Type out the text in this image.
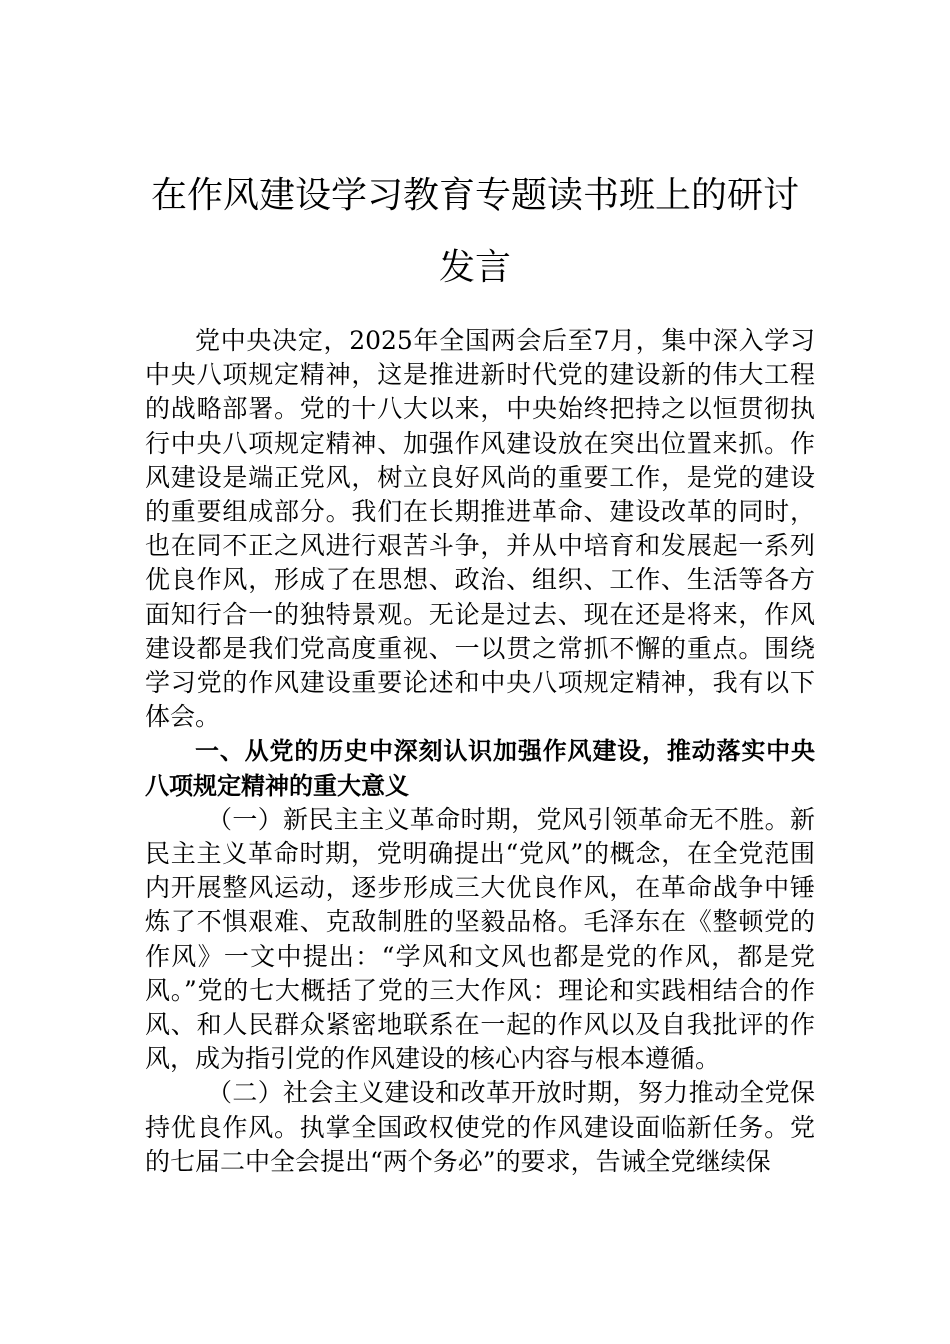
在作风建设学习教育专题读书班上的研讨
发言

党中央决定，2025年全国两会后至7月，集中深入学习中央八项规定精神，这是推进新时代党的建设新的伟大工程的战略部署。党的十八大以来，中央始终把持之以恒贯彻执行中央八项规定精神、加强作风建设放在突出位置来抓。作风建设是端正党风，树立良好风尚的重要工作，是党的建设的重要组成部分。我们在长期推进革命、建设改革的同时，也在同不正之风进行艰苦斗争，并从中培育和发展起一系列优良作风，形成了在思想、政治、组织、工作、生活等各方面知行合一的独特景观。无论是过去、现在还是将来，作风建设都是我们党高度重视、一以贯之常抓不懈的重点。围绕学习党的作风建设重要论述和中央八项规定精神，我有以下体会。

一、从党的历史中深刻认识加强作风建设，推动落实中央八项规定精神的重大意义

（一）新民主主义革命时期，党风引领革命无不胜。新民主主义革命时期，党明确提出“党风”的概念，在全党范围内开展整风运动，逐步形成三大优良作风，在革命战争中锤炼了不惧艰难、克敌制胜的坚毅品格。毛泽东在《整顿党的作风》一文中提出：“学风和文风也都是党的作风，都是党风。”党的七大概括了党的三大作风：理论和实践相结合的作风、和人民群众紧密地联系在一起的作风以及自我批评的作风，成为指引党的作风建设的核心内容与根本遵循。

（二）社会主义建设和改革开放时期，努力推动全党保持优良作风。执掌全国政权使党的作风建设面临新任务。党的七届二中全会提出“两个务必”的要求，告诫全党继续保
